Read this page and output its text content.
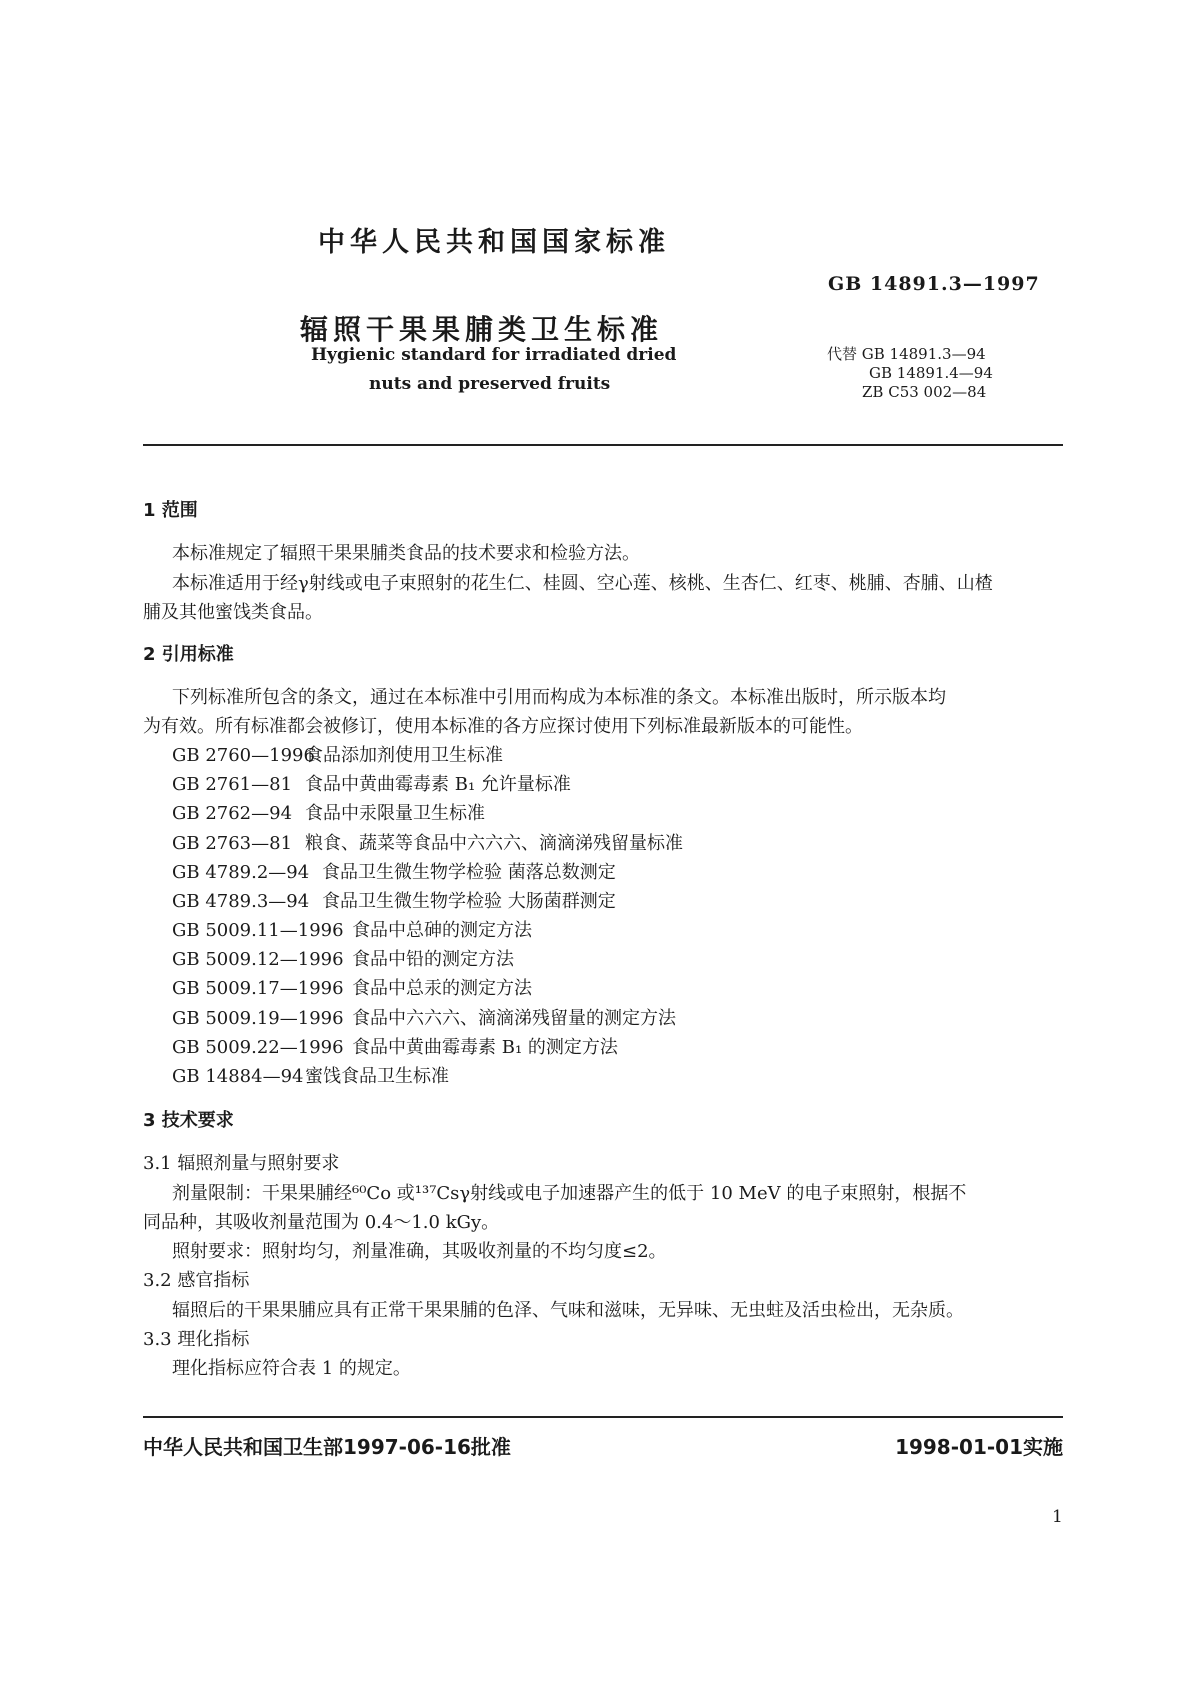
中华人民共和国国家标准
GB 14891.3—1997
辐照干果果脯类卫生标准
Hygienic standard for irradiated dried
nuts and preserved fruits
代替 GB 14891.3—94
GB 14891.4—94
ZB C53 002—84
1 范围
本标准规定了辐照干果果脯类食品的技术要求和检验方法。
本标准适用于经γ射线或电子束照射的花生仁、桂圆、空心莲、核桃、生杏仁、红枣、桃脯、杏脯、山楂
脯及其他蜜饯类食品。
2 引用标准
下列标准所包含的条文，通过在本标准中引用而构成为本标准的条文。本标准出版时，所示版本均
为有效。所有标准都会被修订，使用本标准的各方应探讨使用下列标准最新版本的可能性。
GB 2760—1996食品添加剂使用卫生标准
GB 2761—81 食品中黄曲霉毒素 B₁ 允许量标准
GB 2762—94 食品中汞限量卫生标准
GB 2763—81 粮食、蔬菜等食品中六六六、滴滴涕残留量标准
GB 4789.2—94 食品卫生微生物学检验 菌落总数测定
GB 4789.3—94 食品卫生微生物学检验 大肠菌群测定
GB 5009.11—1996 食品中总砷的测定方法
GB 5009.12—1996 食品中铅的测定方法
GB 5009.17—1996 食品中总汞的测定方法
GB 5009.19—1996 食品中六六六、滴滴涕残留量的测定方法
GB 5009.22—1996 食品中黄曲霉毒素 B₁ 的测定方法
GB 14884—94蜜饯食品卫生标准
3 技术要求
3.1 辐照剂量与照射要求
剂量限制：干果果脯经⁶⁰Co 或¹³⁷Csγ射线或电子加速器产生的低于 10 MeV 的电子束照射，根据不
同品种，其吸收剂量范围为 0.4～1.0 kGy。
照射要求：照射均匀，剂量准确，其吸收剂量的不均匀度≤2。
3.2 感官指标
辐照后的干果果脯应具有正常干果果脯的色泽、气味和滋味，无异味、无虫蛀及活虫检出，无杂质。
3.3 理化指标
理化指标应符合表 1 的规定。
中华人民共和国卫生部1997-06-16批准	1998-01-01实施
1
